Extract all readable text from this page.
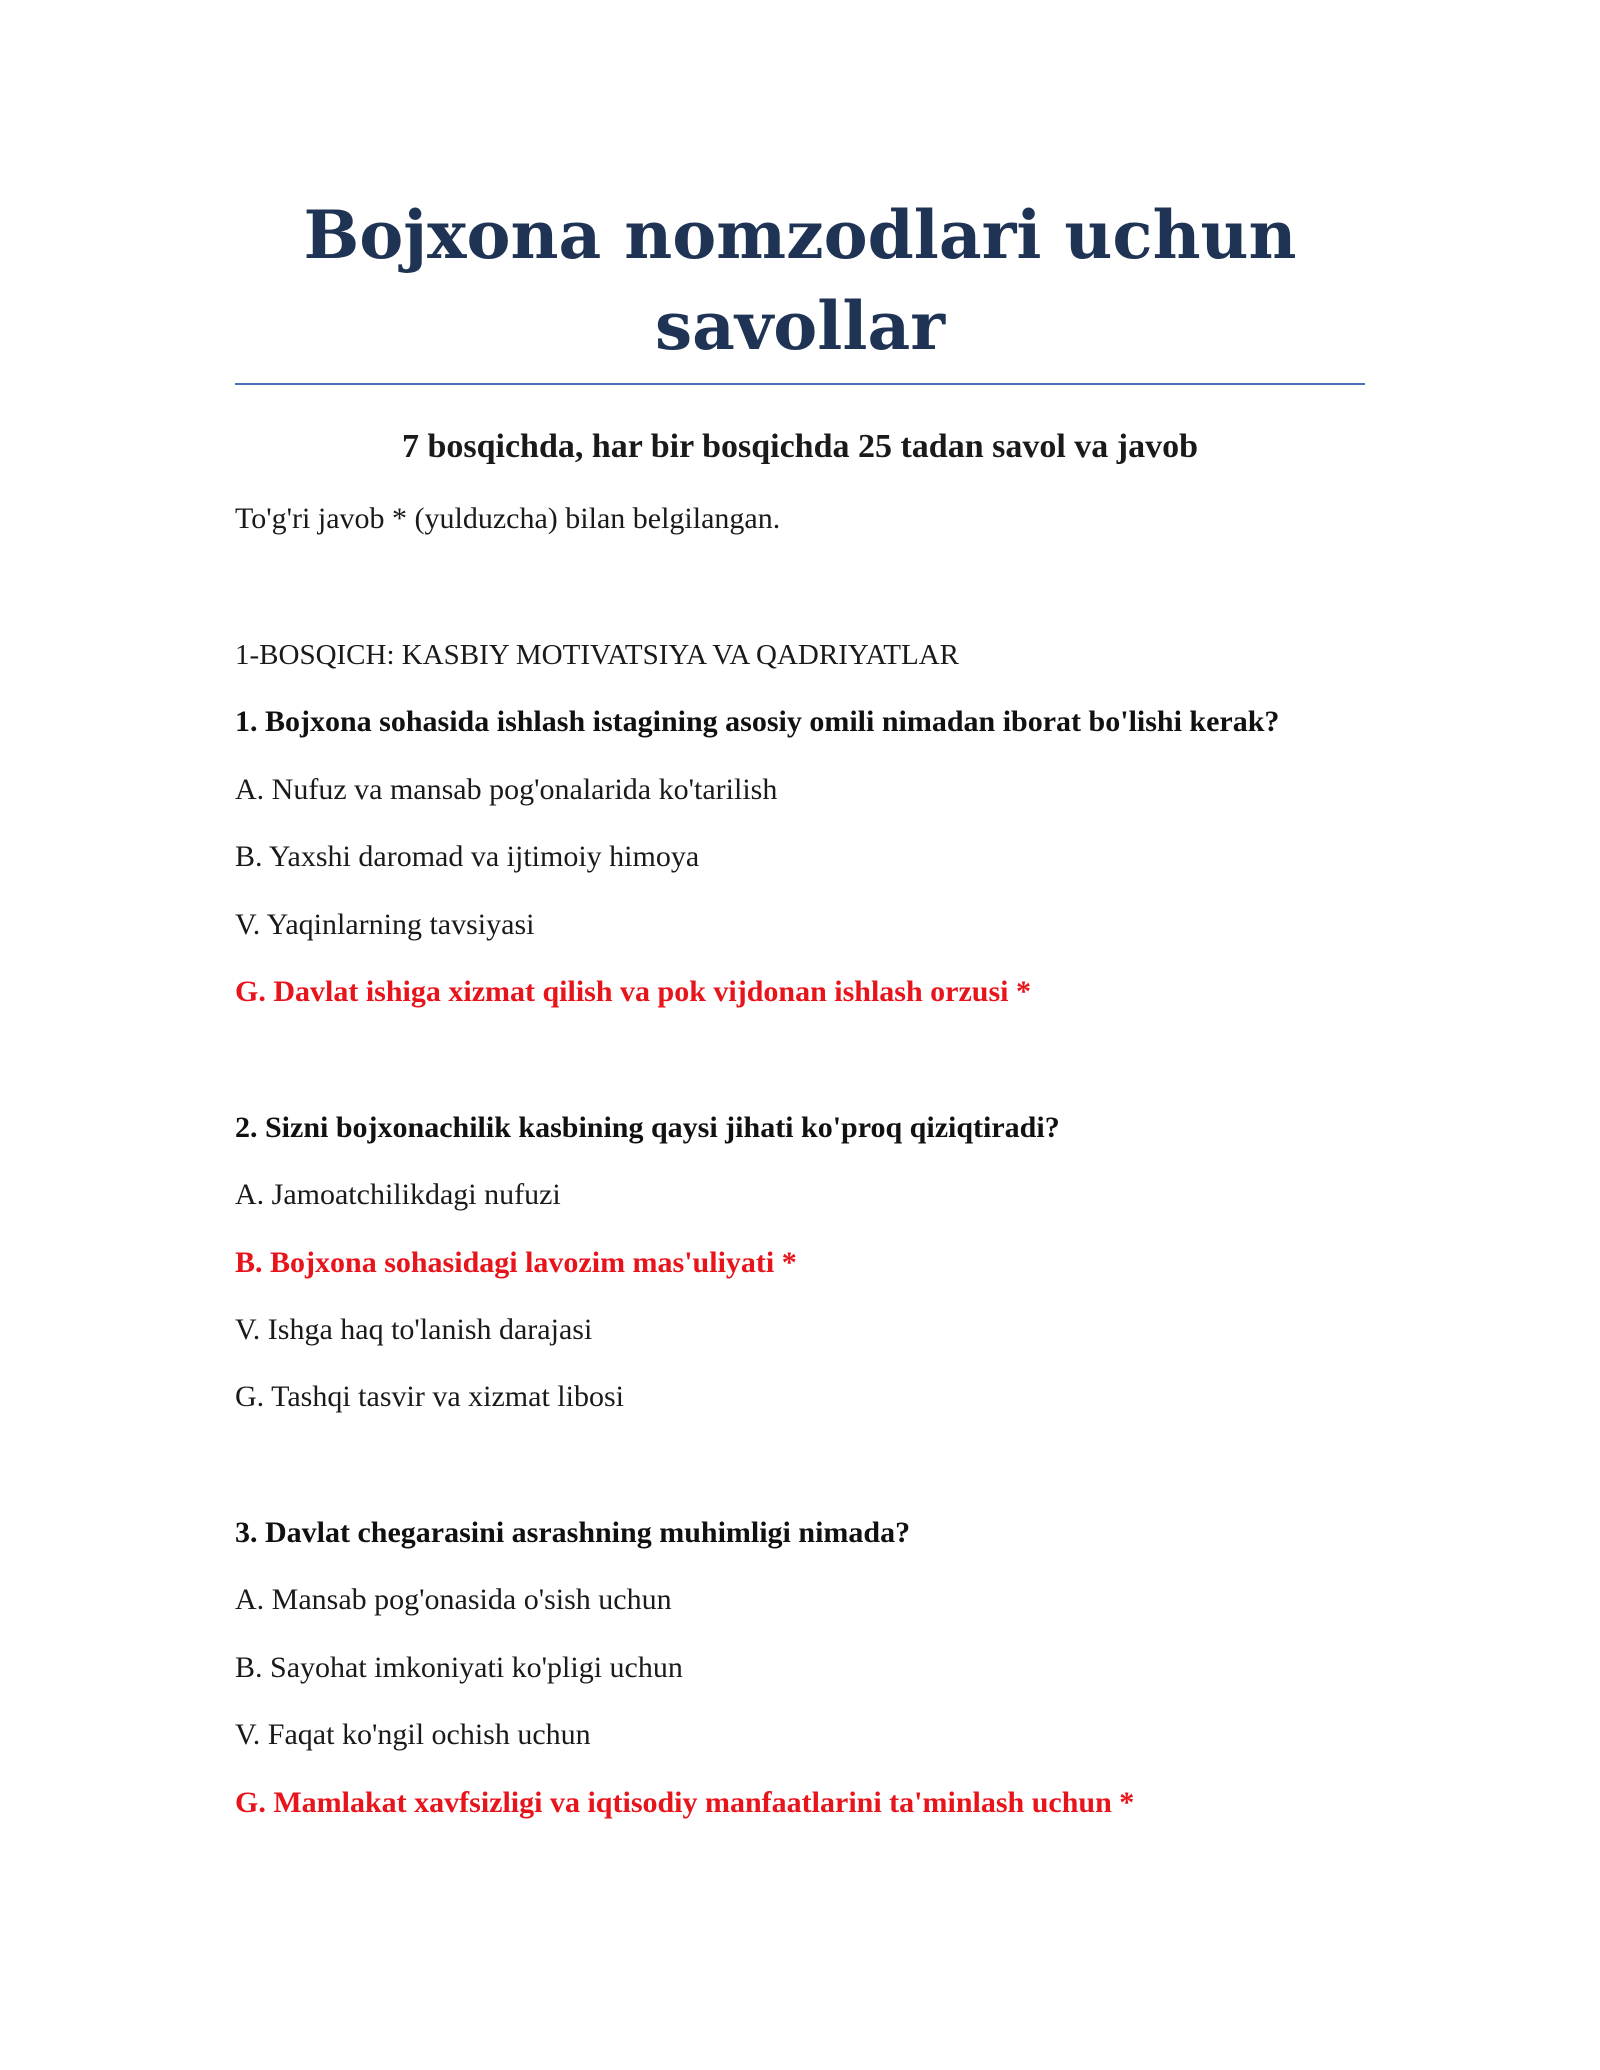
Bojxona nomzodlari uchun
savollar

7 bosqichda, har bir bosqichda 25 tadan savol va javob

To'g'ri javob * (yulduzcha) bilan belgilangan.

1-BOSQICH: KASBIY MOTIVATSIYA VA QADRIYATLAR

1. Bojxona sohasida ishlash istagining asosiy omili nimadan iborat bo'lishi kerak?

A. Nufuz va mansab pog'onalarida ko'tarilish

B. Yaxshi daromad va ijtimoiy himoya

V. Yaqinlarning tavsiyasi

G. Davlat ishiga xizmat qilish va pok vijdonan ishlash orzusi *

2. Sizni bojxonachilik kasbining qaysi jihati ko'proq qiziqtiradi?

A. Jamoatchilikdagi nufuzi

B. Bojxona sohasidagi lavozim mas'uliyati *

V. Ishga haq to'lanish darajasi

G. Tashqi tasvir va xizmat libosi

3. Davlat chegarasini asrashning muhimligi nimada?

A. Mansab pog'onasida o'sish uchun

B. Sayohat imkoniyati ko'pligi uchun

V. Faqat ko'ngil ochish uchun

G. Mamlakat xavfsizligi va iqtisodiy manfaatlarini ta'minlash uchun *
